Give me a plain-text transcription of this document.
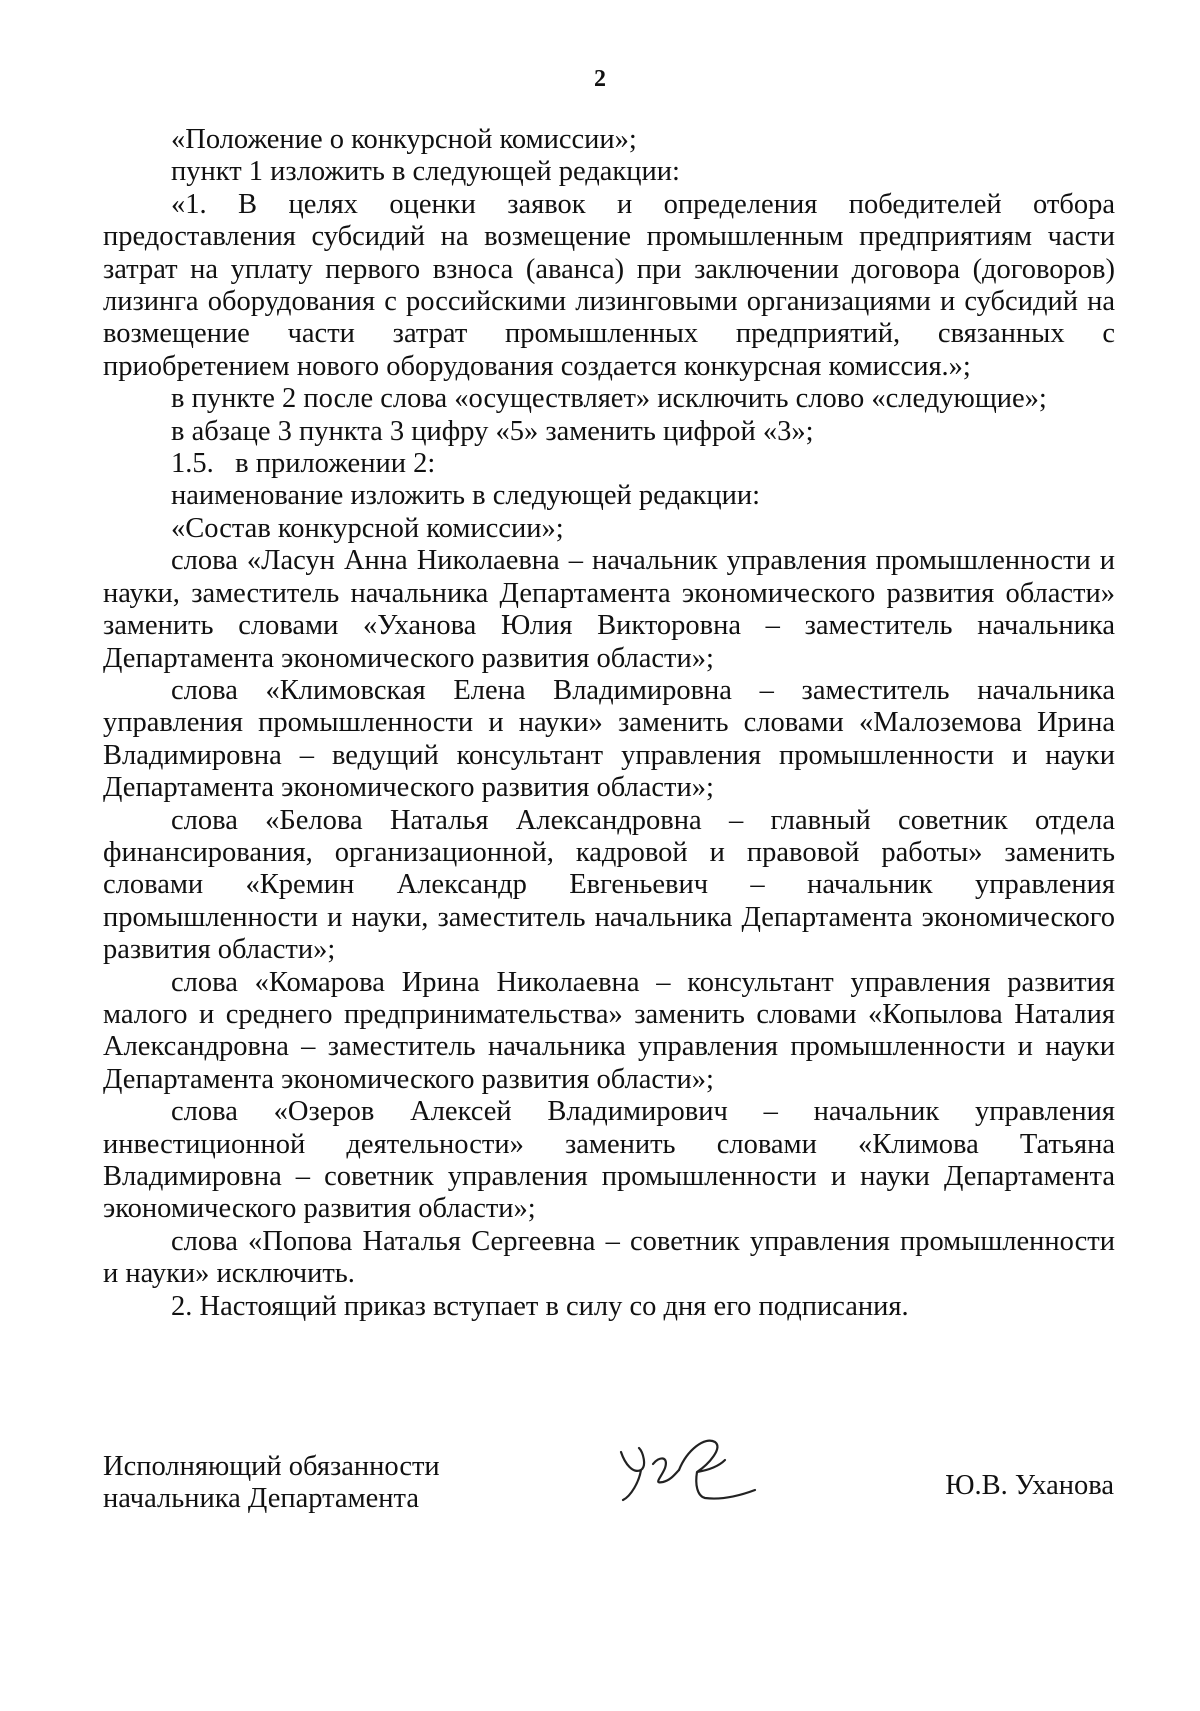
2

«Положение о конкурсной комиссии»;

пункт 1 изложить в следующей редакции:

«1. В целях оценки заявок и определения победителей отбора предоставления субсидий на возмещение промышленным предприятиям части затрат на уплату первого взноса (аванса) при заключении договора (договоров) лизинга оборудования с российскими лизинговыми организациями и субсидий на возмещение части затрат промышленных предприятий, связанных с приобретением нового оборудования создается конкурсная комиссия.»;

в пункте 2 после слова «осуществляет» исключить слово «следующие»;

в абзаце 3 пункта 3 цифру «5» заменить цифрой «3»;

1.5.   в приложении 2:

наименование изложить в следующей редакции:

«Состав конкурсной комиссии»;

слова «Ласун Анна Николаевна – начальник управления промышленности и науки, заместитель начальника Департамента экономического развития области» заменить словами «Уханова Юлия Викторовна – заместитель начальника Департамента экономического развития области»;

слова «Климовская Елена Владимировна – заместитель начальника управления промышленности и науки» заменить словами «Малоземова Ирина Владимировна – ведущий консультант управления промышленности и науки Департамента экономического развития области»;

слова «Белова Наталья Александровна – главный советник отдела финансирования, организационной, кадровой и правовой работы» заменить словами «Кремин Александр Евгеньевич – начальник управления промышленности и науки, заместитель начальника Департамента экономического развития области»;

слова «Комарова Ирина Николаевна – консультант управления развития малого и среднего предпринимательства» заменить словами «Копылова Наталия Александровна – заместитель начальника управления промышленности и науки Департамента экономического развития области»;

слова «Озеров Алексей Владимирович – начальник управления инвестиционной деятельности» заменить словами «Климова Татьяна Владимировна – советник управления промышленности и науки Департамента экономического развития области»;

слова «Попова Наталья Сергеевна – советник управления промышленности и науки» исключить.

2. Настоящий приказ вступает в силу со дня его подписания.

Исполняющий обязанности
начальника Департамента	Ю.В. Уханова
